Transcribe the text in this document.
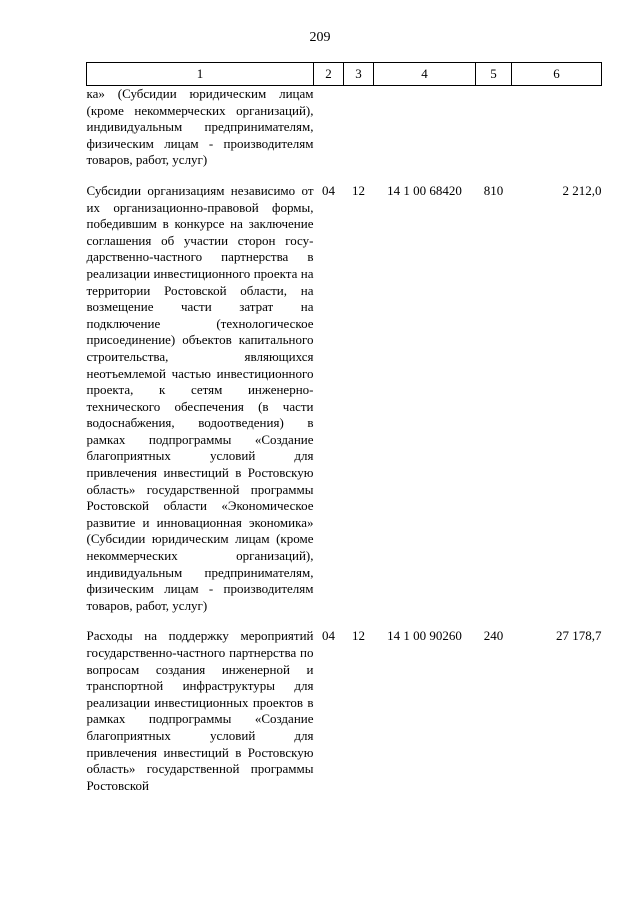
209
1	2	3	4	5	6
ка» (Субсидии юридическим лицам (кроме некоммерческих организаций), индивидуальным предпринимателям, физическим лицам - производителям товаров, работ, услуг)					

Субсидии организациям независимо от их организационно-правовой формы, победившим в конкурсе на заключение соглашения об участии сторон государственно-частного партнерства в реализации инвестиционного проекта на территории Ростовской области, на возмещение части затрат на подключение (технологическое присоединение) объектов капитального строительства, являющихся неотъемлемой частью инвестиционного проекта, к сетям инженерно-технического обеспечения (в части водоснабжения, водоотведения) в рамках подпрограммы «Создание благоприятных условий для привлечения инвестиций в Ростовскую область» государственной программы Ростовской области «Экономическое развитие и инновационная экономика» (Субсидии юридическим лицам (кроме некоммерческих организаций), индивидуальным предпринимателям, физическим лицам - производителям товаров, работ, услуг)	04	12	14 1 00 68420	810	2 212,0

Расходы на поддержку мероприятий государственно-частного партнерства по вопросам создания инженерной и транспортной инфраструктуры для реализации инвестиционных проектов в рамках подпрограммы «Создание благоприятных условий для привлечения инвестиций в Ростовскую область» государственной программы Ростовской	04	12	14 1 00 90260	240	27 178,7
